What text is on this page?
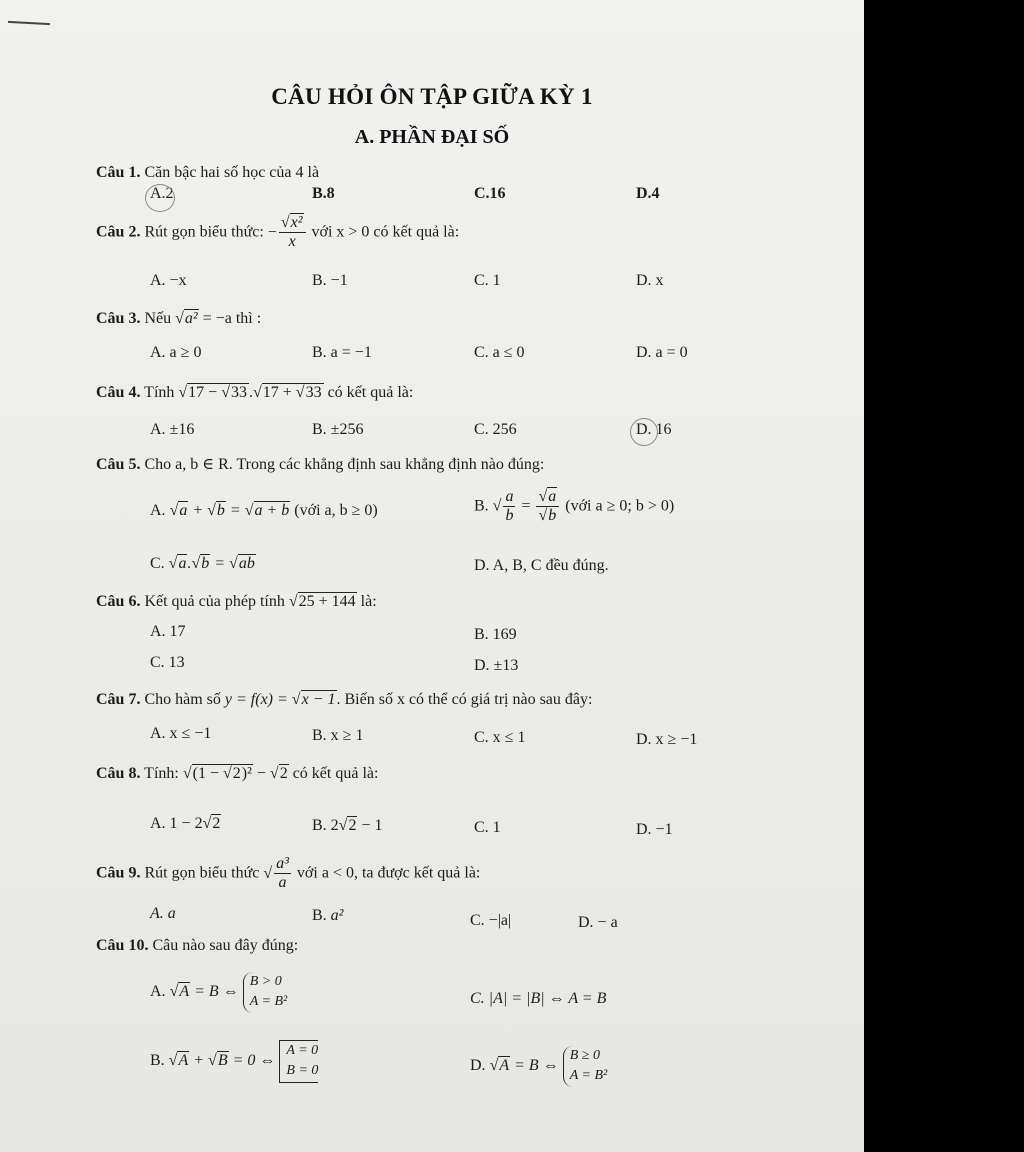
CÂU HỎI ÔN TẬP GIỮA KỲ 1
A. PHẦN ĐẠI SỐ
Câu 1. Căn bậc hai số học của 4 là
A.2	B.8	C.16	D.4
Câu 2. Rút gọn biểu thức: − $\frac{\text{√x²}}{x}$ với x > 0 có kết quả là:
A. −x	B. −1	C. 1	D. x
Câu 3. Nếu √a² = −a thì :
A. a ≥ 0	B. a = −1	C. a ≤ 0	D. a = 0
Câu 4. Tính √17 − √33 .√17 + √33 có kết quả là:
A. ±16	B. ±256	C. 256	D. 16
Câu 5. Cho a, b ∈ R. Trong các khẳng định sau khẳng định nào đúng:
A. √a + √b = √a + b (với a, b ≥ 0)	B. √ $\frac{a}{b} = \frac{√a}{√b}$ (với a ≥ 0; b > 0)
C. √a.√b = √ab	D. A, B, C đều đúng.
Câu 6. Kết quả của phép tính √25 + 144 là:
A. 17	B. 169
C. 13	D. ±13
Câu 7. Cho hàm số y = f(x) = √x − 1. Biến số x có thể có giá trị nào sau đây:
A. x ≤ −1	B. x ≥ 1	C. x ≤ 1	D. x ≥ −1
Câu 8. Tính: √(1 − √2)² − √2 có kết quả là:
A. 1 − 2√2	B. 2√2 − 1	C. 1	D. −1
Câu 9. Rút gọn biểu thức √ $\frac{\text{a³}}{a}$ với a < 0, ta được kết quả là:
A. a	B. a²	C. −|a|	D. − a
Câu 10. Câu nào sau đây đúng:
A. √A = B ⇔
B > 0
A = B²	C. |A| = |B| ⇔ A = B
B. √A + √B = 0 ⇔
A = 0
B = 0	D. √A = B ⇔
B ≥ 0
A = B²
